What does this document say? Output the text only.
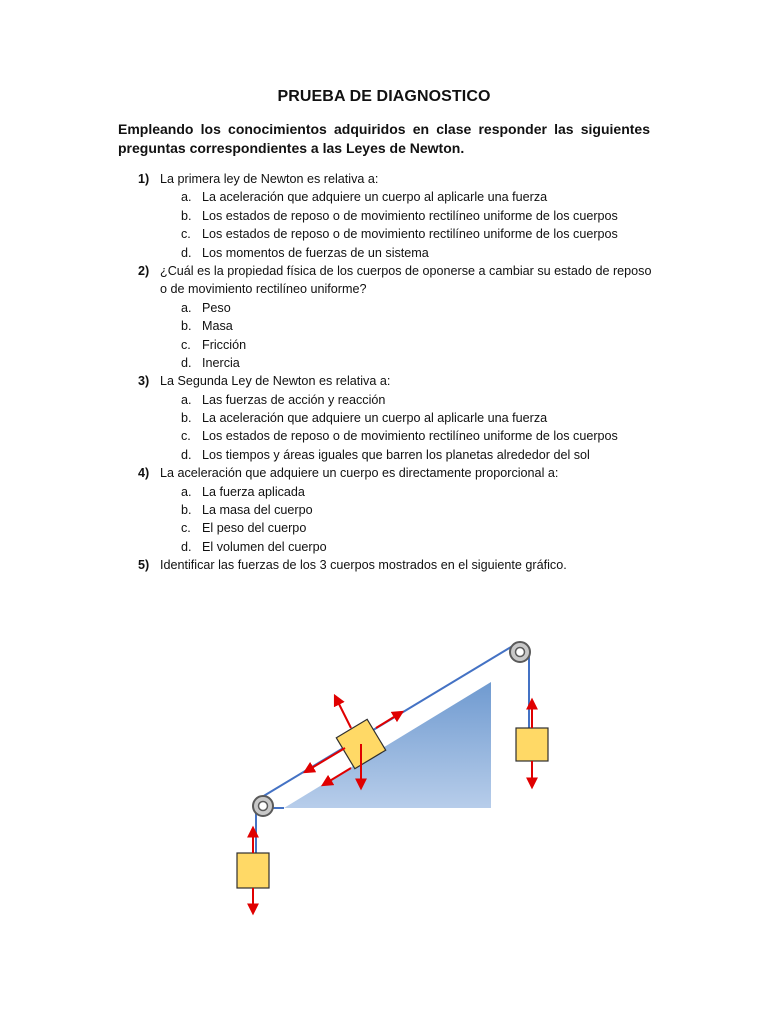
PRUEBA DE DIAGNOSTICO
Empleando los conocimientos adquiridos en clase responder las siguientes preguntas correspondientes a las Leyes de Newton.
1) La primera ley de Newton es relativa a:
a. La aceleración que adquiere un cuerpo al aplicarle una fuerza
b. Los estados de reposo o de movimiento rectilíneo uniforme de los cuerpos
c. Los estados de reposo o de movimiento rectilíneo uniforme de los cuerpos
d. Los momentos de fuerzas de un sistema
2) ¿Cuál es la propiedad física de los cuerpos de oponerse a cambiar su estado de reposo
o de movimiento rectilíneo uniforme?
a. Peso
b. Masa
c. Fricción
d. Inercia
3) La Segunda Ley de Newton es relativa a:
a. Las fuerzas de acción y reacción
b. La aceleración que adquiere un cuerpo al aplicarle una fuerza
c. Los estados de reposo o de movimiento rectilíneo uniforme de los cuerpos
d. Los tiempos y áreas iguales que barren los planetas alrededor del sol
4) La aceleración que adquiere un cuerpo es directamente proporcional a:
a. La fuerza aplicada
b. La masa del cuerpo
c. El peso del cuerpo
d. El volumen del cuerpo
5) Identificar las fuerzas de los 3 cuerpos mostrados en el siguiente gráfico.
